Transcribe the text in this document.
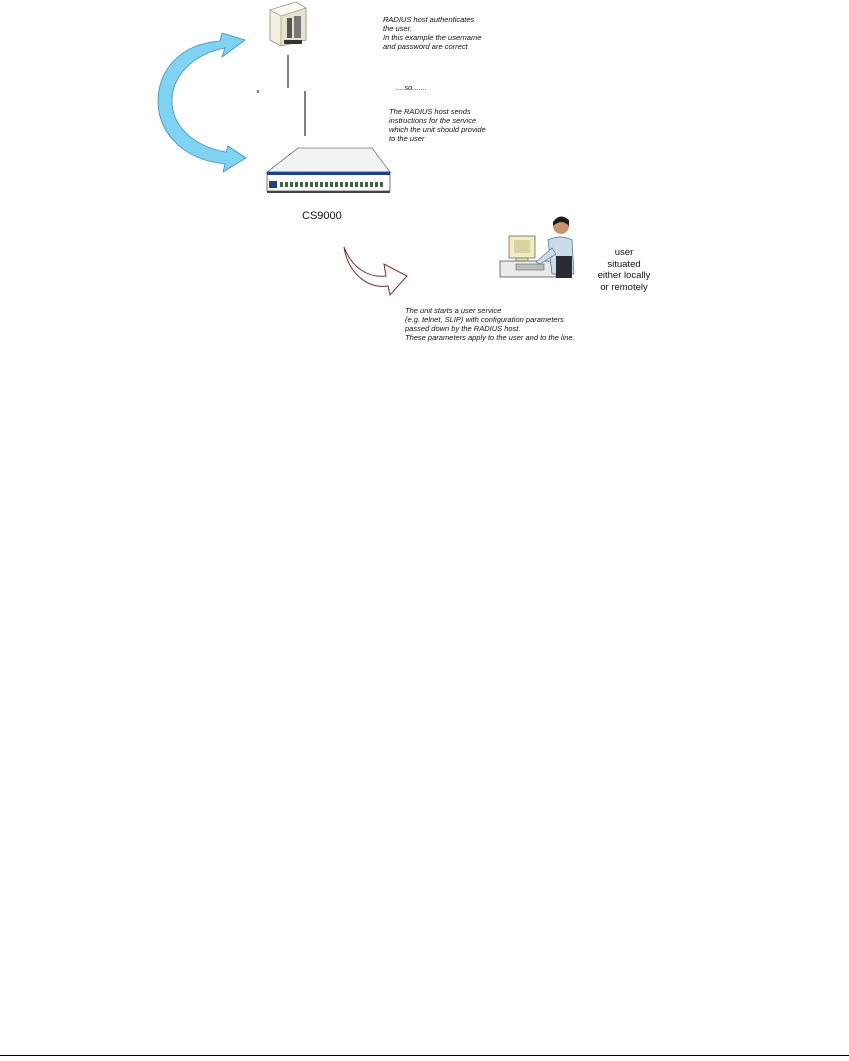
RADIUS host authenticates
the user.
In this example the username
and password are correct
....so.......
The RADIUS host sends
instructions for the service
which the unit should provide
to the user
The unit starts a user service
(e.g. telnet, SLIP) with configuration parameters
passed down by the RADIUS host.
These parameters apply to the user and to the line.
CS9000
user
situated
either locally
or remotely
